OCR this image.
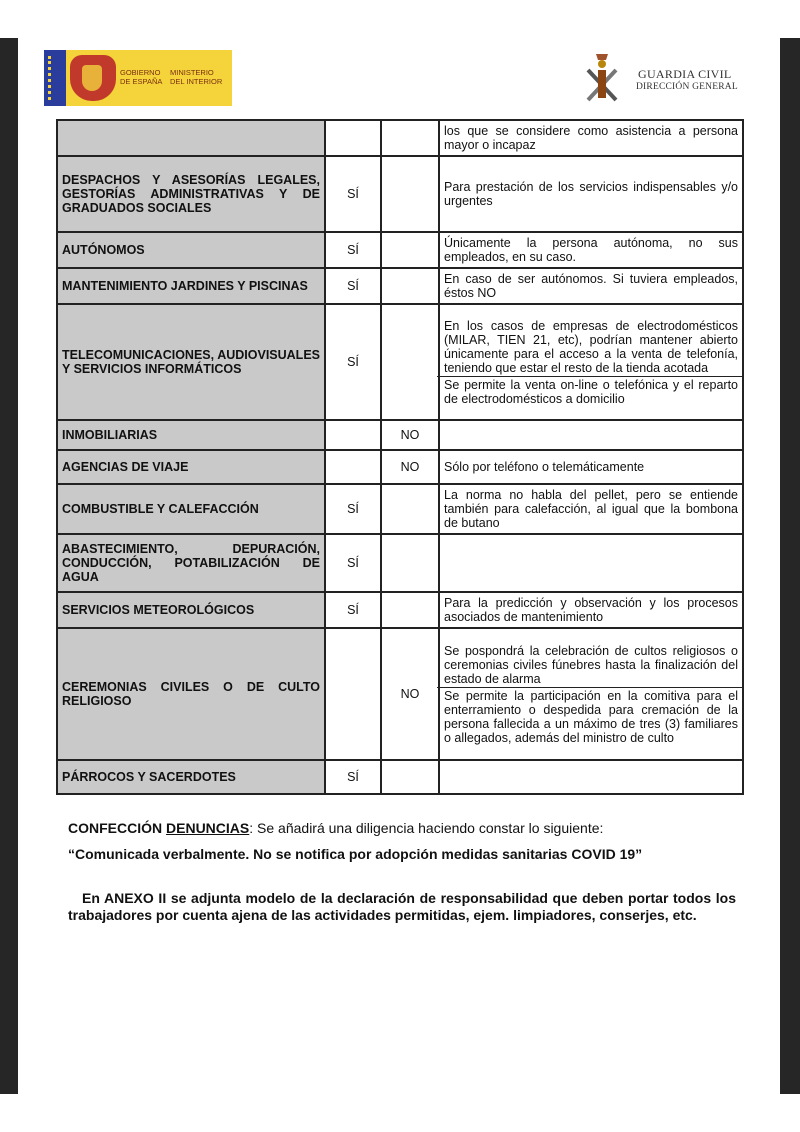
GOBIERNO
DE ESPAÑA
MINISTERIO
DEL INTERIOR
GUARDIA CIVIL
DIRECCIÓN GENERAL

			los que se considere como asistencia a persona mayor o incapaz

DESPACHOS Y ASESORÍAS LEGALES, GESTORÍAS ADMINISTRATIVAS Y DE GRADUADOS SOCIALES	SÍ		Para prestación de los servicios indispensables y/o urgentes

AUTÓNOMOS	SÍ		Únicamente la persona autónoma, no sus empleados, en su caso.

MANTENIMIENTO JARDINES Y PISCINAS	SÍ		En caso de ser autónomos. Si tuviera empleados, éstos NO

TELECOMUNICACIONES, AUDIOVISUALES Y SERVICIOS INFORMÁTICOS	SÍ		En los casos de empresas de electrodomésticos (MILAR, TIEN 21, etc), podrían mantener abierto únicamente para el acceso a la venta de telefonía, teniendo que estar el resto de la tienda acotada
Se permite la venta on-line o telefónica y el reparto de electrodomésticos a domicilio

INMOBILIARIAS		NO	

AGENCIAS DE VIAJE		NO	Sólo por teléfono o telemáticamente

COMBUSTIBLE Y CALEFACCIÓN	SÍ		La norma no habla del pellet, pero se entiende también para calefacción, al igual que la bombona de butano

ABASTECIMIENTO, DEPURACIÓN, CONDUCCIÓN, POTABILIZACIÓN DE AGUA	SÍ		

SERVICIOS METEOROLÓGICOS	SÍ		Para la predicción y observación y los procesos asociados de mantenimiento

CEREMONIAS CIVILES O DE CULTO RELIGIOSO		NO	Se pospondrá la celebración de cultos religiosos o ceremonias civiles fúnebres hasta la finalización del estado de alarma
Se permite la participación en la comitiva para el enterramiento o despedida para cremación de la persona fallecida a un máximo de tres (3) familiares o allegados, además del ministro de culto

PÁRROCOS Y SACERDOTES	SÍ		
CONFECCIÓN DENUNCIAS: Se añadirá una diligencia haciendo constar lo siguiente:
“Comunicada verbalmente. No se notifica por adopción medidas sanitarias COVID 19”
En ANEXO II se adjunta modelo de la declaración de responsabilidad que deben portar todos los trabajadores por cuenta ajena de las actividades permitidas, ejem. limpiadores, conserjes, etc.
